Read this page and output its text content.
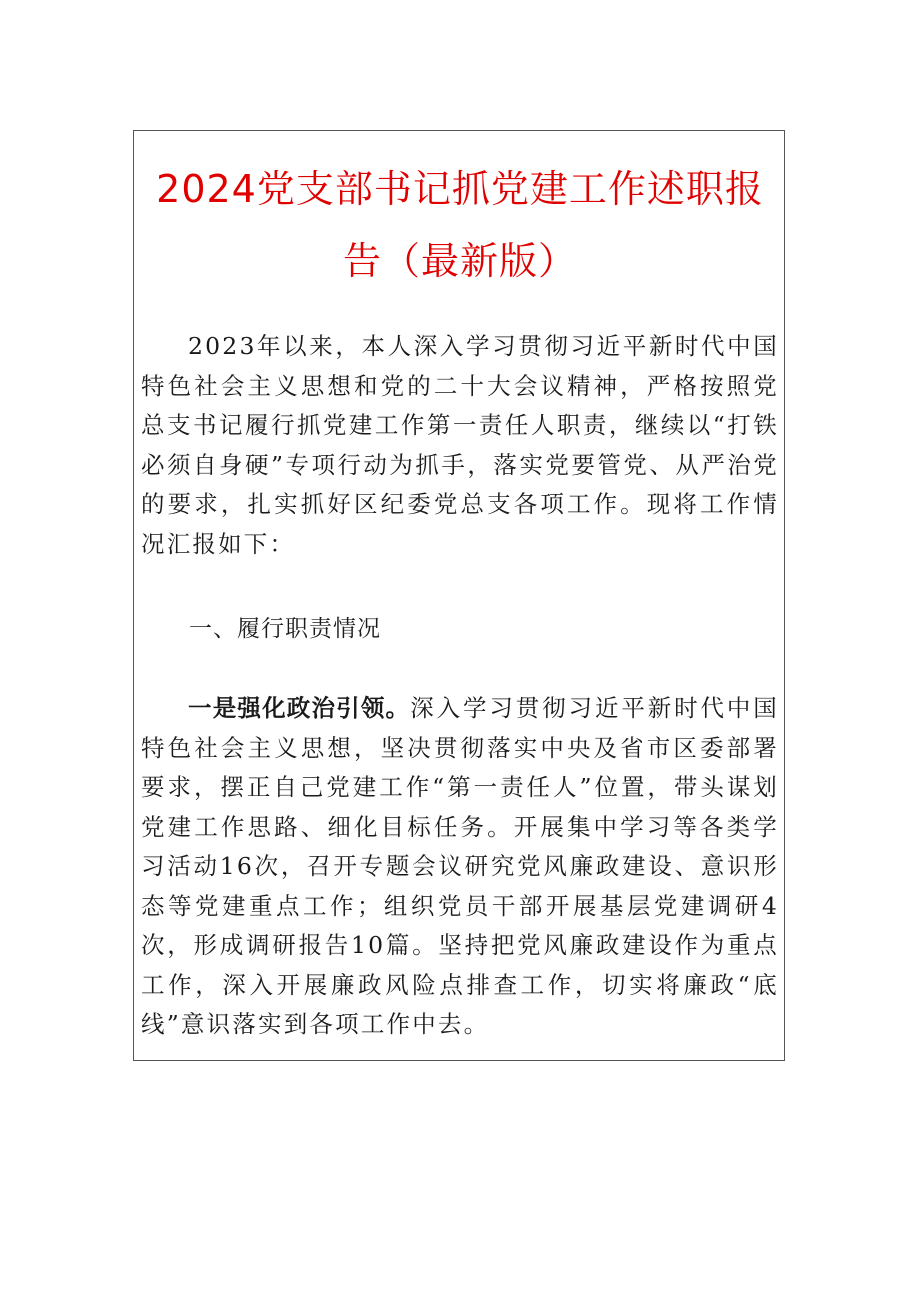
2024党支部书记抓党建工作述职报
告（最新版）

2023年以来，本人深入学习贯彻习近平新时代中国特色社会主义思想和党的二十大会议精神，严格按照党总支书记履行抓党建工作第一责任人职责，继续以“打铁必须自身硬”专项行动为抓手，落实党要管党、从严治党的要求，扎实抓好区纪委党总支各项工作。现将工作情况汇报如下：

一、履行职责情况

一是强化政治引领。深入学习贯彻习近平新时代中国特色社会主义思想，坚决贯彻落实中央及省市区委部署要求，摆正自己党建工作“第一责任人”位置，带头谋划党建工作思路、细化目标任务。开展集中学习等各类学习活动16次，召开专题会议研究党风廉政建设、意识形态等党建重点工作；组织党员干部开展基层党建调研4次，形成调研报告10篇。坚持把党风廉政建设作为重点工作，深入开展廉政风险点排查工作，切实将廉政“底线”意识落实到各项工作中去。
